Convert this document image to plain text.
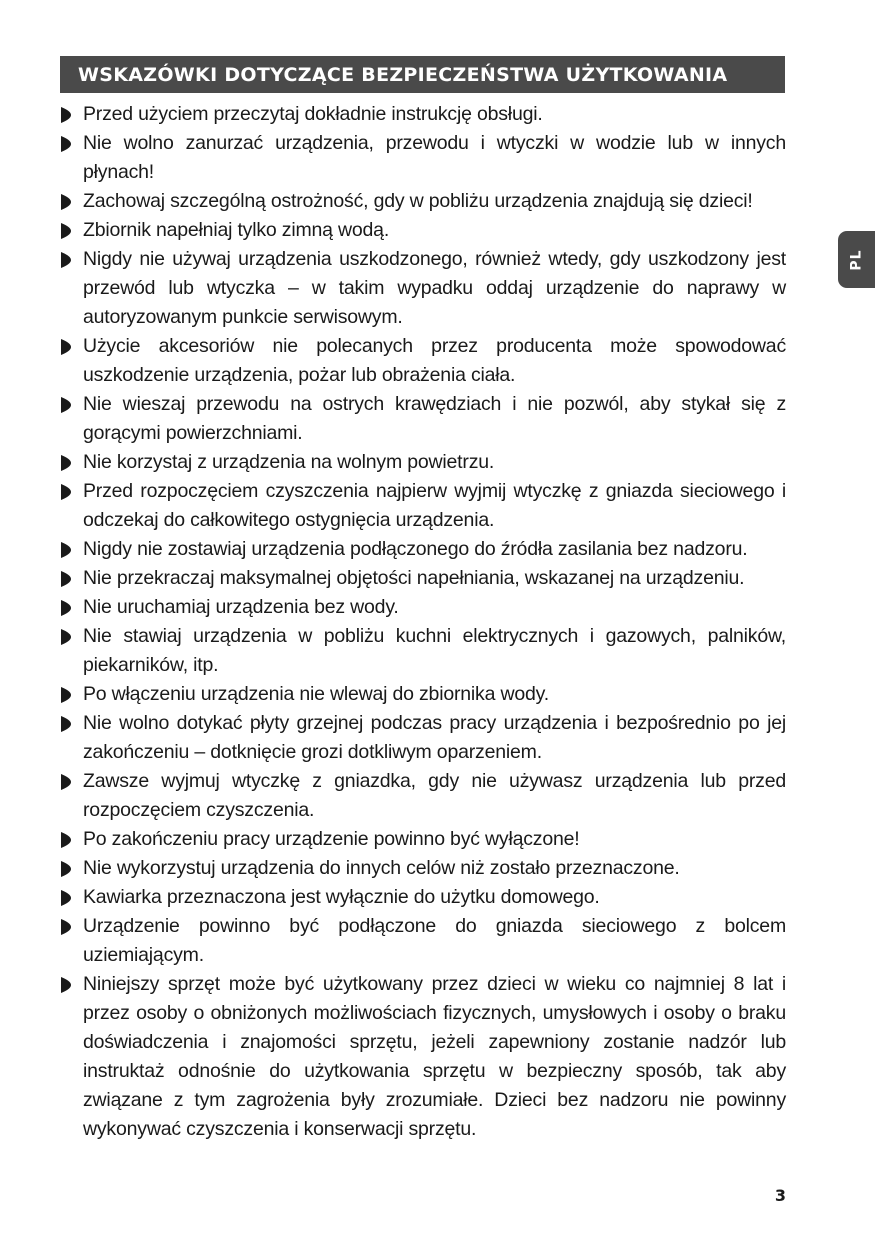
WSKAZÓWKI DOTYCZĄCE BEZPIECZEŃSTWA UŻYTKOWANIA
PL
Przed użyciem przeczytaj dokładnie instrukcję obsługi.
Nie wolno zanurzać urządzenia, przewodu i wtyczki w wodzie lub w innych płynach!
Zachowaj szczególną ostrożność, gdy w pobliżu urządzenia znajdują się dzieci!
Zbiornik napełniaj tylko zimną wodą.
Nigdy nie używaj urządzenia uszkodzonego, również wtedy, gdy uszkodzony jest przewód lub wtyczka – w takim wypadku oddaj urządzenie do naprawy w autoryzowanym punkcie serwisowym.
Użycie akcesoriów nie polecanych przez producenta może spowodować uszkodzenie urządzenia, pożar lub obrażenia ciała.
Nie wieszaj przewodu na ostrych krawędziach i nie pozwól, aby stykał się z gorącymi powierzchniami.
Nie korzystaj z urządzenia na wolnym powietrzu.
Przed rozpoczęciem czyszczenia najpierw wyjmij wtyczkę z gniazda sieciowego i odczekaj do całkowitego ostygnięcia urządzenia.
Nigdy nie zostawiaj urządzenia podłączonego do źródła zasilania bez nadzoru.
Nie przekraczaj maksymalnej objętości napełniania, wskazanej na urządzeniu.
Nie uruchamiaj urządzenia bez wody.
Nie stawiaj urządzenia w pobliżu kuchni elektrycznych i gazowych, palników, piekarników, itp.
Po włączeniu urządzenia nie wlewaj do zbiornika wody.
Nie wolno dotykać płyty grzejnej podczas pracy urządzenia i bezpośrednio po jej zakończeniu – dotknięcie grozi dotkliwym oparzeniem.
Zawsze wyjmuj wtyczkę z gniazdka, gdy nie używasz urządzenia lub przed rozpoczęciem czyszczenia.
Po zakończeniu pracy urządzenie powinno być wyłączone!
Nie wykorzystuj urządzenia do innych celów niż zostało przeznaczone.
Kawiarka przeznaczona jest wyłącznie do użytku domowego.
Urządzenie powinno być podłączone do gniazda sieciowego z bolcem uziemiającym.
Niniejszy sprzęt może być użytkowany przez dzieci w wieku co najmniej 8 lat i przez osoby o obniżonych możliwościach fizycznych, umysłowych i osoby o braku doświadczenia i znajomości sprzętu, jeżeli zapewniony zostanie nadzór lub instruktaż odnośnie do użytkowania sprzętu w bezpieczny sposób, tak aby związane z tym zagrożenia były zrozumiałe. Dzieci bez nadzoru nie powinny wykonywać czyszczenia i konserwacji sprzętu.
3
